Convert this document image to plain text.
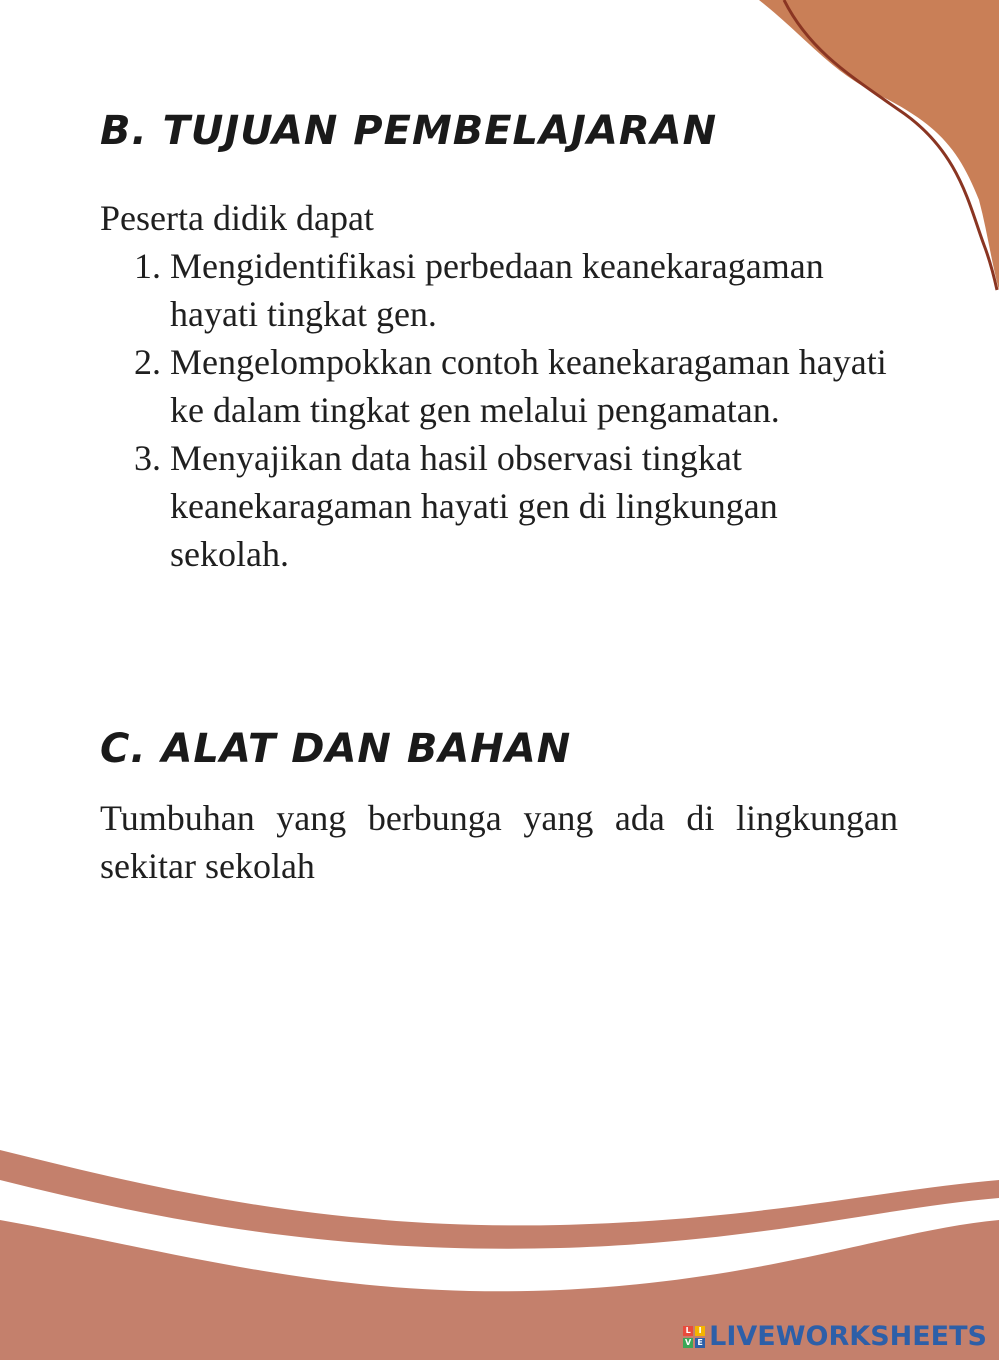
B. TUJUAN PEMBELAJARAN

Peserta didik dapat

1. Mengidentifikasi perbedaan keanekaragaman hayati tingkat gen.
2. Mengelompokkan contoh keanekaragaman hayati ke dalam tingkat gen melalui pengamatan.
3. Menyajikan data hasil observasi tingkat keanekaragaman hayati gen di lingkungan sekolah.
C. ALAT DAN BAHAN

Tumbuhan yang berbunga yang ada di lingkungan sekitar sekolah

L I
V E LIVEWORKSHEETS
